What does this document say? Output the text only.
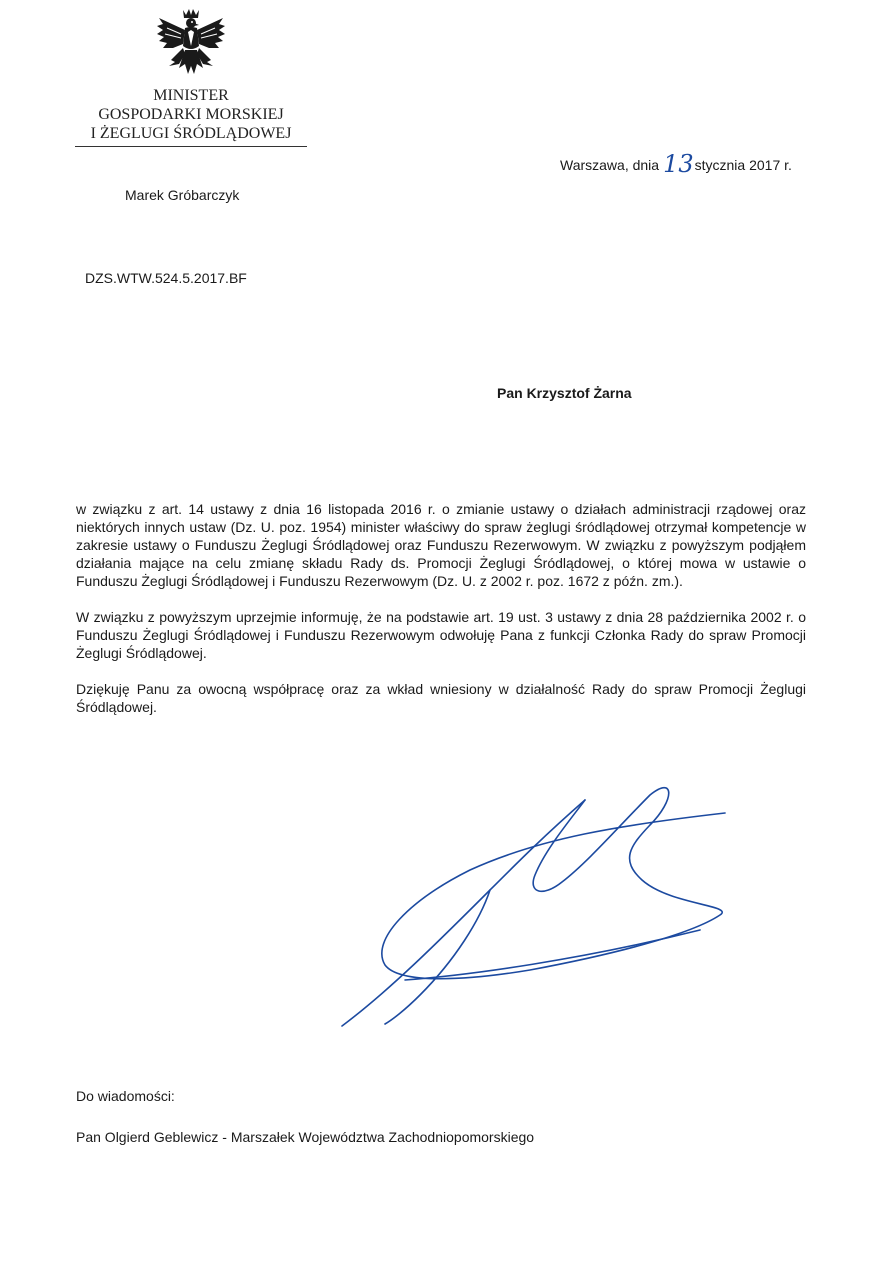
MINISTER
GOSPODARKI MORSKIEJ
I ŻEGLUGI ŚRÓDLĄDOWEJ
Warszawa, dnia 13stycznia 2017 r.
Marek Gróbarczyk
DZS.WTW.524.5.2017.BF
Pan Krzysztof Żarna

w związku z art. 14 ustawy z dnia 16 listopada 2016 r. o zmianie ustawy o działach administracji rządowej oraz niektórych innych ustaw (Dz. U. poz. 1954) minister właściwy do spraw żeglugi śródlądowej otrzymał kompetencje w zakresie ustawy o Funduszu Żeglugi Śródlądowej oraz Funduszu Rezerwowym. W związku z powyższym podjąłem działania mające na celu zmianę składu Rady ds. Promocji Żeglugi Śródlądowej, o której mowa w ustawie o Funduszu Żeglugi Śródlądowej i Funduszu Rezerwowym (Dz. U. z 2002 r. poz. 1672 z późn. zm.).

W związku z powyższym uprzejmie informuję, że na podstawie art. 19 ust. 3 ustawy z dnia 28 października 2002 r. o Funduszu Żeglugi Śródlądowej i Funduszu Rezerwowym odwołuję Pana z funkcji Członka Rady do spraw Promocji Żeglugi Śródlądowej.

Dziękuję Panu za owocną współpracę oraz za wkład wniesiony w działalność Rady do spraw Promocji Żeglugi Śródlądowej.

Do wiadomości:
Pan Olgierd Geblewicz - Marszałek Województwa Zachodniopomorskiego
